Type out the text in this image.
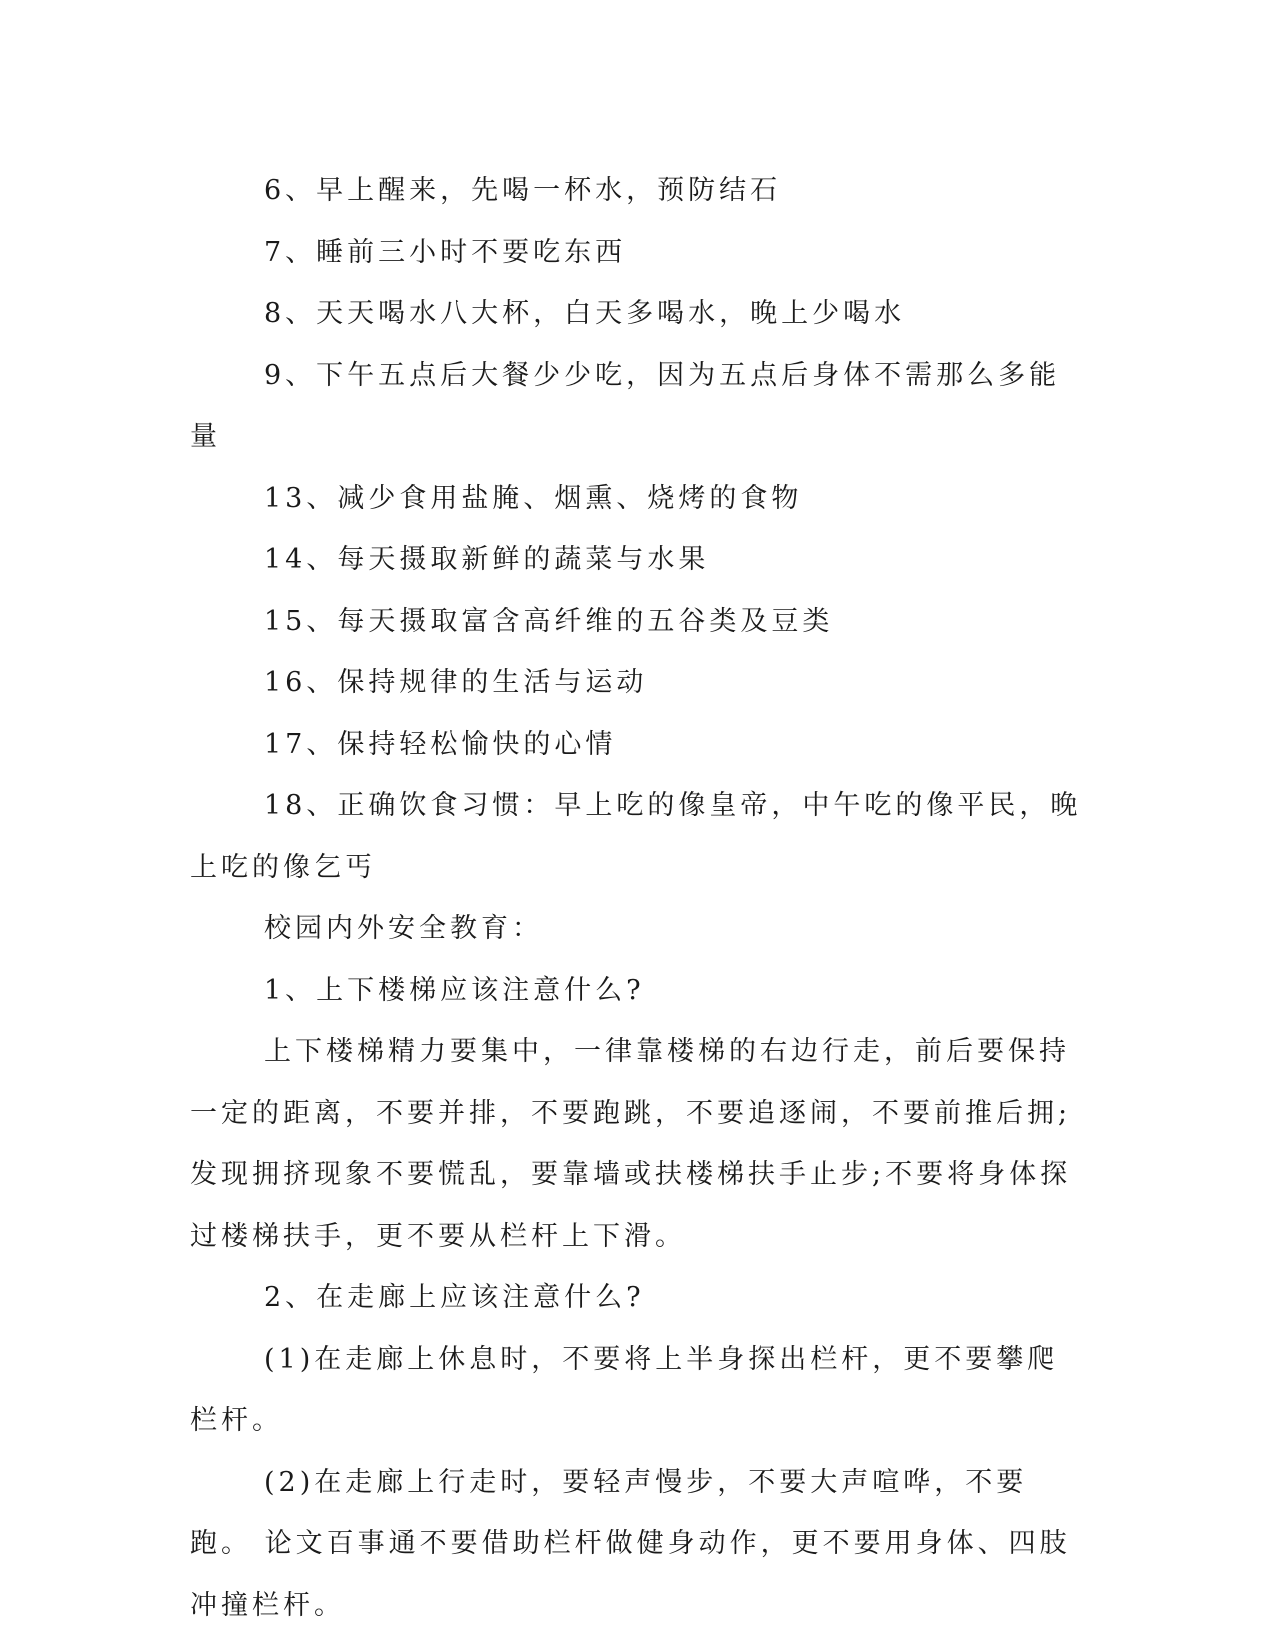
6、早上醒来，先喝一杯水，预防结石

7、睡前三小时不要吃东西

8、天天喝水八大杯，白天多喝水，晚上少喝水

9、下午五点后大餐少少吃，因为五点后身体不需那么多能量

13、减少食用盐腌、烟熏、烧烤的食物

14、每天摄取新鲜的蔬菜与水果

15、每天摄取富含高纤维的五谷类及豆类

16、保持规律的生活与运动

17、保持轻松愉快的心情

18、正确饮食习惯：早上吃的像皇帝，中午吃的像平民，晚上吃的像乞丐

校园内外安全教育：

1、上下楼梯应该注意什么?

上下楼梯精力要集中，一律靠楼梯的右边行走，前后要保持一定的距离，不要并排，不要跑跳，不要追逐闹，不要前推后拥;发现拥挤现象不要慌乱，要靠墙或扶楼梯扶手止步;不要将身体探过楼梯扶手，更不要从栏杆上下滑。

2、在走廊上应该注意什么?

(1)在走廊上休息时，不要将上半身探出栏杆，更不要攀爬栏杆。

(2)在走廊上行走时，要轻声慢步，不要大声喧哗，不要跑。 论文百事通不要借助栏杆做健身动作，更不要用身体、四肢冲撞栏杆。
